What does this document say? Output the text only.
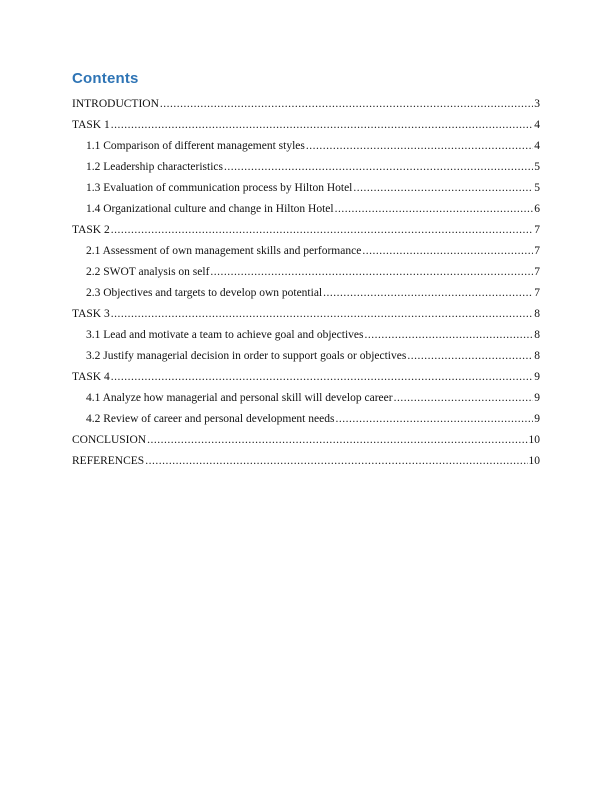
Contents
INTRODUCTION .....	3
TASK 1 .....	4
1.1 Comparison of different management styles .....	4
1.2 Leadership characteristics .....	5
1.3 Evaluation of communication process by Hilton Hotel .....	5
1.4 Organizational culture and change in Hilton Hotel .....	6
TASK 2 .....	7
2.1 Assessment of own management skills and performance .....	7
2.2 SWOT analysis on self .....	7
2.3 Objectives and targets to develop own potential .....	7
TASK 3 .....	8
3.1 Lead and motivate a team to achieve goal and objectives .....	8
3.2 Justify managerial decision in order to support goals or objectives .....	8
TASK 4 .....	9
4.1 Analyze how managerial and personal skill will develop career .....	9
4.2 Review of career and personal development needs .....	9
CONCLUSION .....	10
REFERENCES .....	10
